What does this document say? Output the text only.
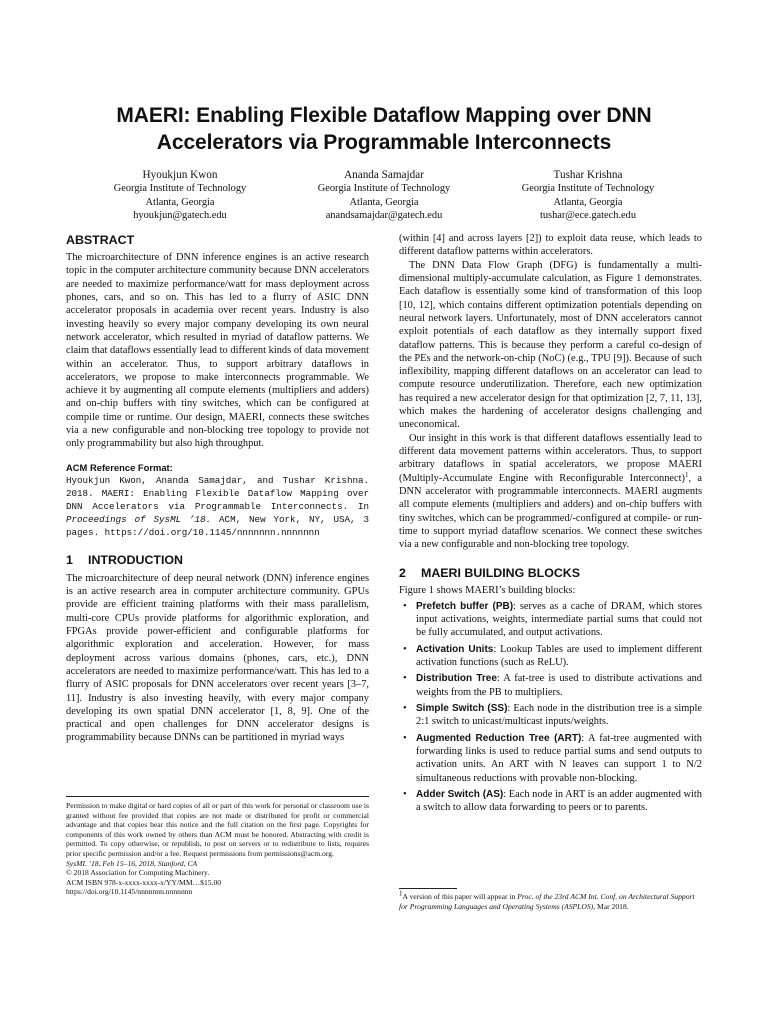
MAERI: Enabling Flexible Dataflow Mapping over DNN
Accelerators via Programmable Interconnects
Hyoukjun Kwon
Georgia Institute of Technology
Atlanta, Georgia
hyoukjun@gatech.edu
Ananda Samajdar
Georgia Institute of Technology
Atlanta, Georgia
anandsamajdar@gatech.edu
Tushar Krishna
Georgia Institute of Technology
Atlanta, Georgia
tushar@ece.gatech.edu
ABSTRACT

The microarchitecture of DNN inference engines is an active research topic in the computer architecture community because DNN accelerators are needed to maximize performance/watt for mass deployment across phones, cars, and so on. This has led to a flurry of ASIC DNN accelerator proposals in academia over recent years. Industry is also investing heavily so every major company developing its own neural network accelerator, which resulted in myriad of dataflow patterns. We claim that dataflows essentially lead to different kinds of data movement within an accelerator. Thus, to support arbitrary dataflows in accelerators, we propose to make interconnects programmable. We achieve it by augmenting all compute elements (multipliers and adders) and on-chip buffers with tiny switches, which can be configured at compile time or runtime. Our design, MAERI, connects these switches via a new configurable and non-blocking tree topology to provide not only programmability but also high throughput.

ACM Reference Format:

Hyoukjun Kwon, Ananda Samajdar, and Tushar Krishna. 2018. MAERI: Enabling Flexible Dataflow Mapping over DNN Accelerators via Programmable Interconnects. In Proceedings of SysML ’18. ACM, New York, NY, USA, 3 pages. https://doi.org/10.1145/nnnnnnn.nnnnnnn

1 INTRODUCTION

The microarchitecture of deep neural network (DNN) inference engines is an active research area in computer architecture community. GPUs provide are efficient training platforms with their mass parallelism, multi-core CPUs provide platforms for algorithmic exploration, and FPGAs provide power-efficient and configurable platforms for algorithmic exploration and acceleration. However, for mass deployment across various domains (phones, cars, etc.), DNN accelerators are needed to maximize performance/watt. This has led to a flurry of ASIC proposals for DNN accelerators over recent years [3–7, 11]. Industry is also investing heavily, with every major company developing its own spatial DNN accelerator [1, 8, 9]. One of the practical and open challenges for DNN accelerator designs is programmability because DNNs can be partitioned in myriad ways

Permission to make digital or hard copies of all or part of this work for personal or classroom use is granted without fee provided that copies are not made or distributed for profit or commercial advantage and that copies bear this notice and the full citation on the first page. Copyrights for components of this work owned by others than ACM must be honored. Abstracting with credit is permitted. To copy otherwise, or republish, to post on servers or to redistribute to lists, requires prior specific permission and/or a fee. Request permissions from permissions@acm.org.
SysML ’18, Feb 15–16, 2018, Stanford, CA
© 2018 Association for Computing Machinery.
ACM ISBN 978-x-xxxx-xxxx-x/YY/MM…$15.00
https://doi.org/10.1145/nnnnnnn.nnnnnnn

(within [4] and across layers [2]) to exploit data reuse, which leads to different dataflow patterns within accelerators.

The DNN Data Flow Graph (DFG) is fundamentally a multi-dimensional multiply-accumulate calculation, as Figure 1 demonstrates. Each dataflow is essentially some kind of transformation of this loop [10, 12], which contains different optimization potentials depending on neural network layers. Unfortunately, most of DNN accelerators cannot exploit potentials of each dataflow as they internally support fixed dataflow patterns. This is because they perform a careful co-design of the PEs and the network-on-chip (NoC) (e.g., TPU [9]). Because of such inflexibility, mapping different dataflows on an accelerator can lead to compute resource underutilization. Therefore, each new optimization has required a new accelerator design for that optimization [2, 7, 11, 13], which makes the hardening of accelerator designs challenging and uneconomical.

Our insight in this work is that different dataflows essentially lead to different data movement patterns within accelerators. Thus, to support arbitrary dataflows in spatial accelerators, we propose MAERI (Multiply-Accumulate Engine with Reconfigurable Interconnect)$^1$, a DNN accelerator with programmable interconnects. MAERI augments all compute elements (multipliers and adders) and on-chip buffers with tiny switches, which can be programmed/-configured at compile- or run-time to support myriad dataflow scenarios. We connect these switches via a new configurable and non-blocking tree topology.

2 MAERI BUILDING BLOCKS

Figure 1 shows MAERI’s building blocks:

• Prefetch buffer (PB): serves as a cache of DRAM, which stores input activations, weights, intermediate partial sums that could not be fully accumulated, and output activations.
• Activation Units: Lookup Tables are used to implement different activation functions (such as ReLU).
• Distribution Tree: A fat-tree is used to distribute activations and weights from the PB to multipliers.
• Simple Switch (SS): Each node in the distribution tree is a simple 2:1 switch to unicast/multicast inputs/weights.
• Augmented Reduction Tree (ART): A fat-tree augmented with forwarding links is used to reduce partial sums and send outputs to activation units. An ART with N leaves can support 1 to N/2 simultaneous reductions with provable non-blocking.
• Adder Switch (AS): Each node in ART is an adder augmented with a switch to allow data forwarding to peers or to parents.
$^1$A version of this paper will appear in Proc. of the 23rd ACM Int. Conf. on Architectural Support for Programming Languages and Operating Systems (ASPLOS), Mar 2018.
